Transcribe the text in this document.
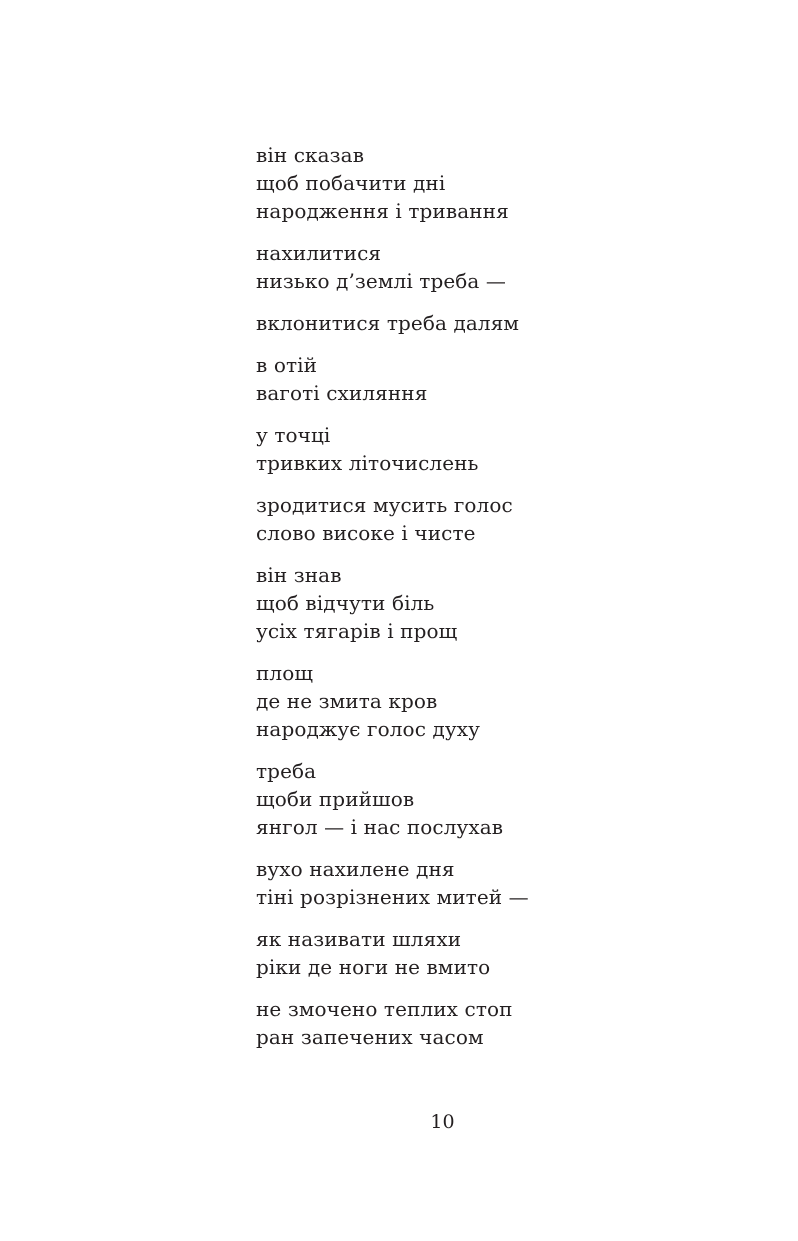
він сказав
щоб побачити дні
народження і тривання
нахилитися
низько д’землі треба —
вклонитися треба далям
в отій
ваготі схиляння
у точці
тривких літочислень
зродитися мусить голос
слово високе і чисте
він знав
щоб відчути біль
усіх тягарів і прощ
площ
де не змита кров
народжує голос духу
треба
щоби прийшов
янгол — і нас послухав
вухо нахилене дня
тіні розрізнених митей —
як називати шляхи
ріки де ноги не вмито
не змочено теплих стоп
ран запечених часом
10
